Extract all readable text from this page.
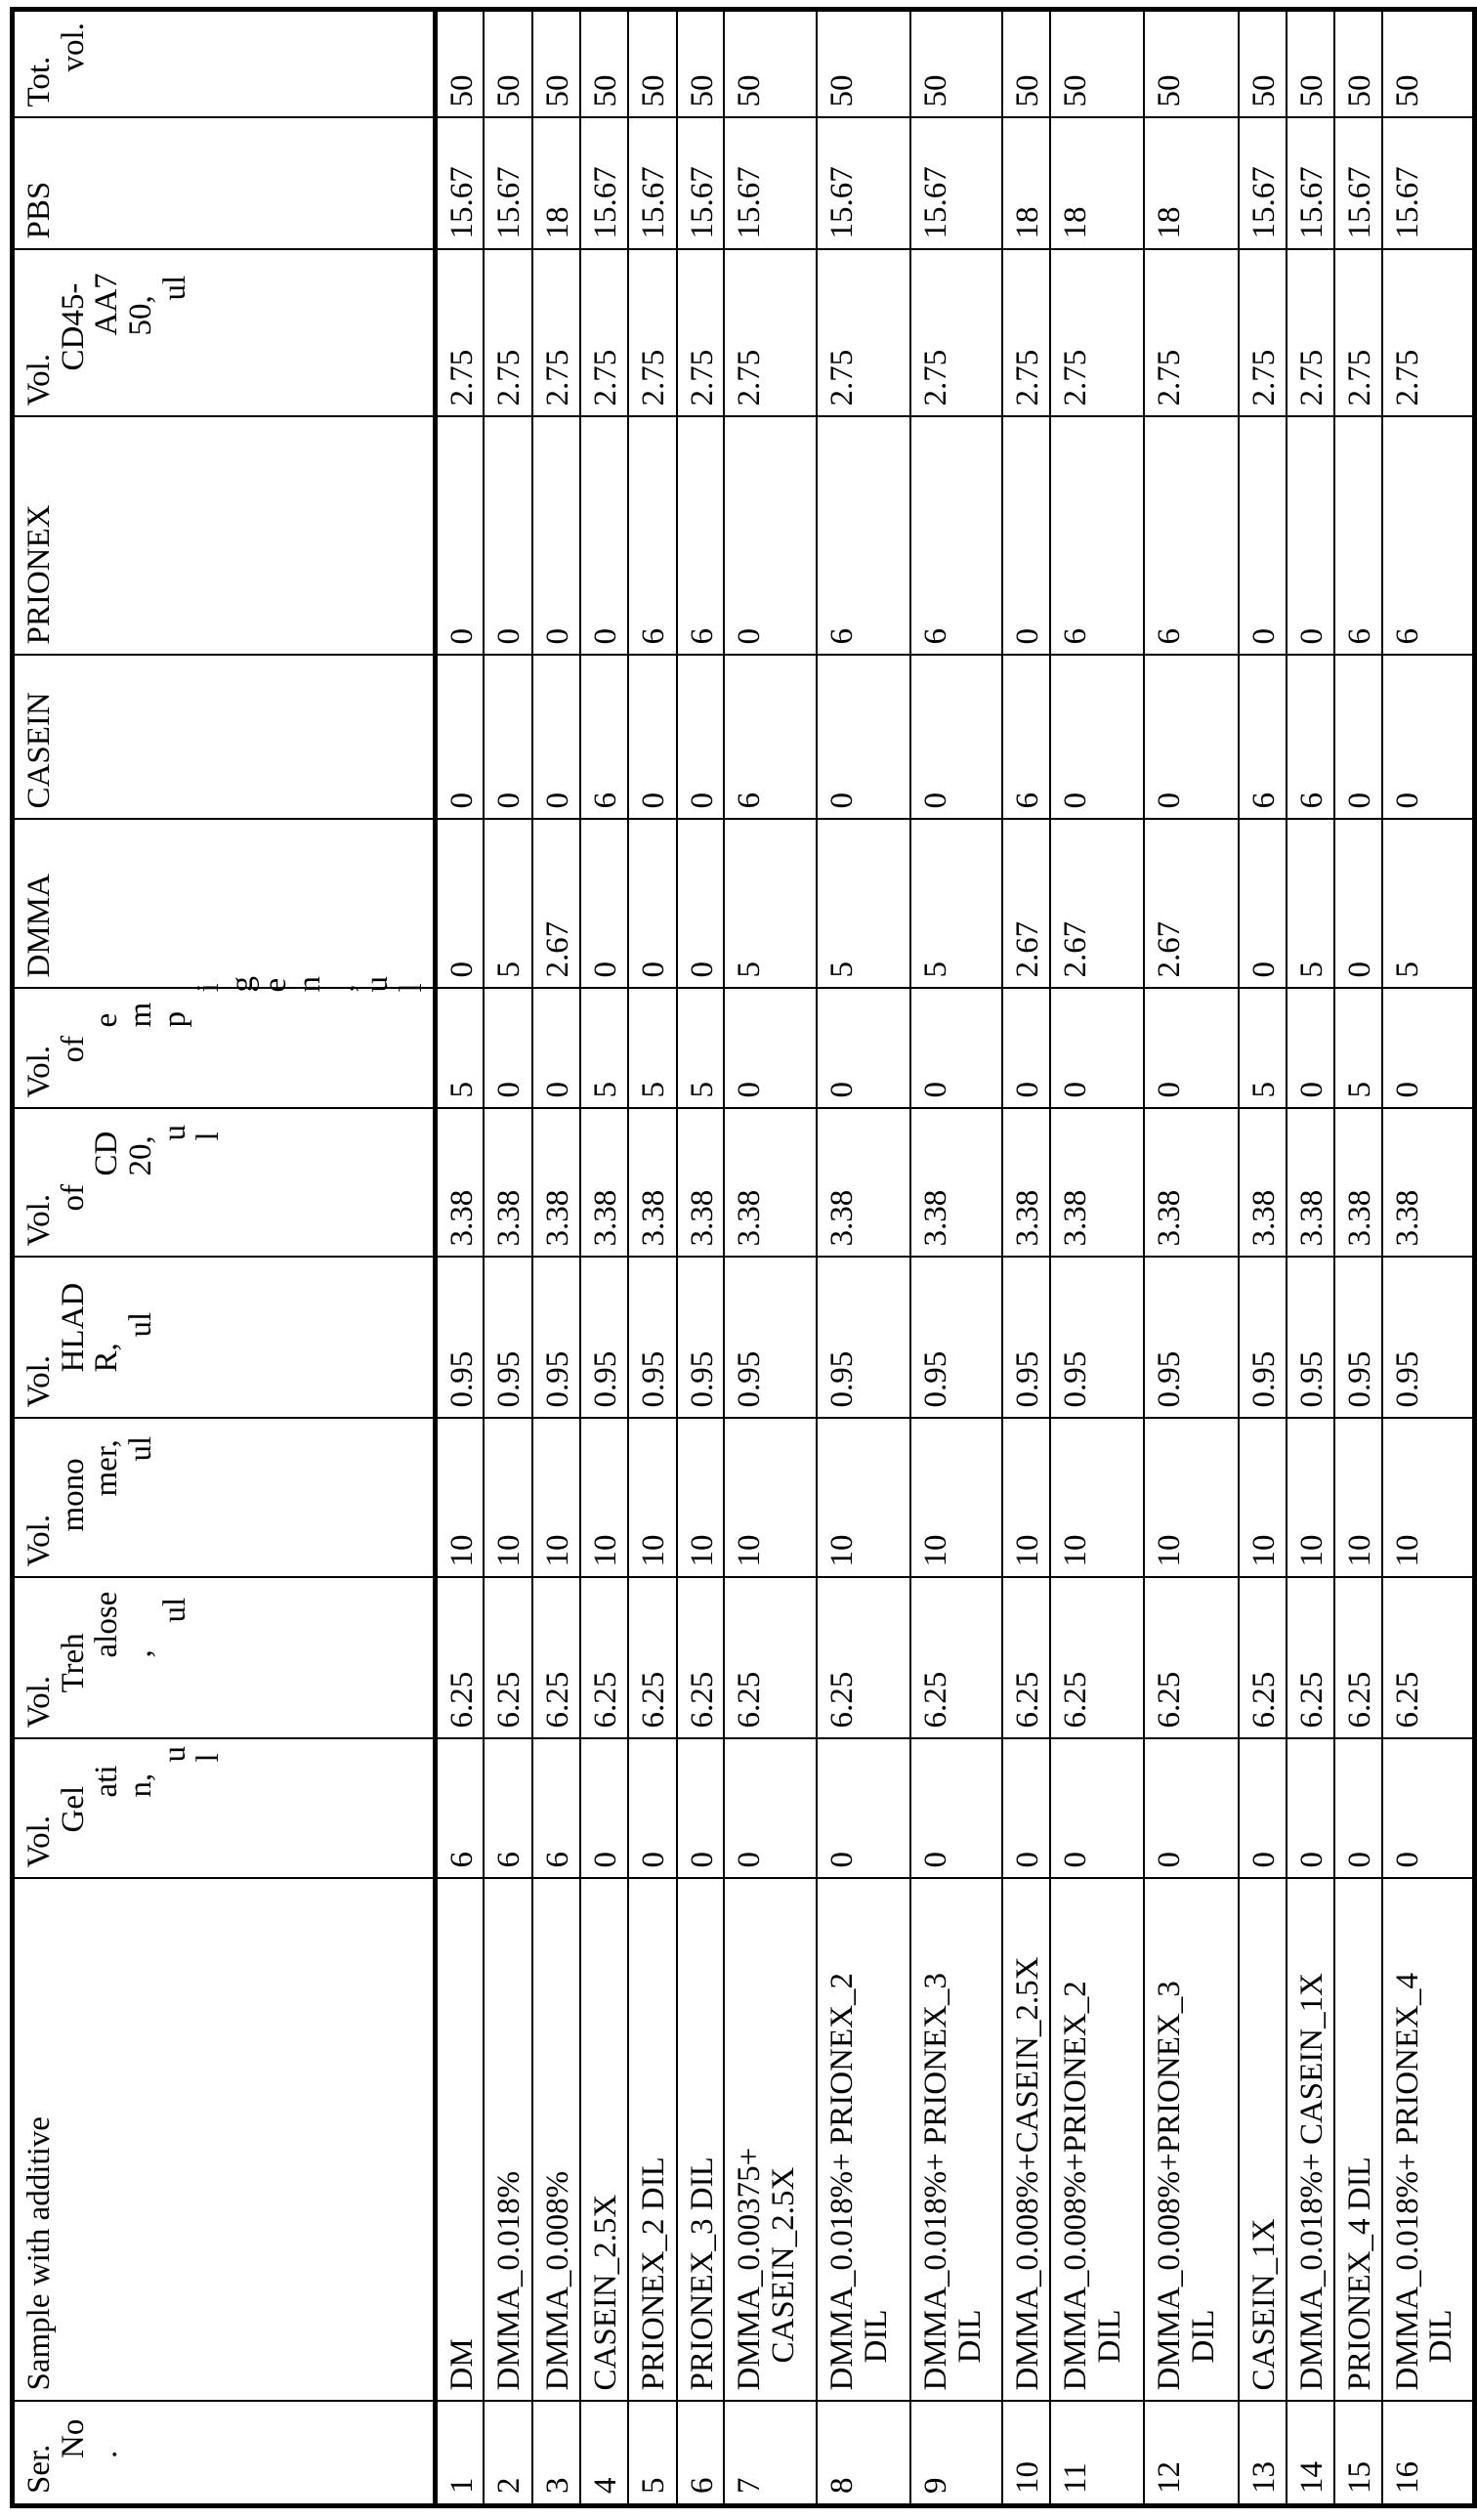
Ser.
No.	Sample with additive	Vol.
Gel
atin,
ul	Vol.
Treh
alose,
ul	Vol.
mono
mer,
ul	Vol.
HLADR,
ul	Vol.
of
CD20,
ul	Vol.
of
emp
igen,
ul	DMMA	CASEIN	PRIONEX	Vol.
CD45-
AA750,
ul	PBS	Tot.
vol.

1	DM	6	6.25	10	0.95	3.38	5	0	0	0	2.75	15.67	50
2	DMMA_0.018%	6	6.25	10	0.95	3.38	0	5	0	0	2.75	15.67	50
3	DMMA_0.008%	6	6.25	10	0.95	3.38	0	2.67	0	0	2.75	18	50
4	CASEIN_2.5X	0	6.25	10	0.95	3.38	5	0	6	0	2.75	15.67	50
5	PRIONEX_2 DIL	0	6.25	10	0.95	3.38	5	0	0	6	2.75	15.67	50
6	PRIONEX_3 DIL	0	6.25	10	0.95	3.38	5	0	0	6	2.75	15.67	50
7	DMMA_0.00375+
CASEIN_2.5X	0	6.25	10	0.95	3.38	0	5	6	0	2.75	15.67	50
8	DMMA_0.018%+ PRIONEX_2
DIL	0	6.25	10	0.95	3.38	0	5	0	6	2.75	15.67	50
9	DMMA_0.018%+ PRIONEX_3
DIL	0	6.25	10	0.95	3.38	0	5	0	6	2.75	15.67	50
10	DMMA_0.008%+CASEIN_2.5X	0	6.25	10	0.95	3.38	0	2.67	6	0	2.75	18	50
11	DMMA_0.008%+PRIONEX_2
DIL	0	6.25	10	0.95	3.38	0	2.67	0	6	2.75	18	50
12	DMMA_0.008%+PRIONEX_3
DIL	0	6.25	10	0.95	3.38	0	2.67	0	6	2.75	18	50
13	CASEIN_1X	0	6.25	10	0.95	3.38	5	0	6	0	2.75	15.67	50
14	DMMA_0.018%+ CASEIN_1X	0	6.25	10	0.95	3.38	0	5	6	0	2.75	15.67	50
15	PRIONEX_4 DIL	0	6.25	10	0.95	3.38	5	0	0	6	2.75	15.67	50
16	DMMA_0.018%+ PRIONEX_4
DIL	0	6.25	10	0.95	3.38	0	5	0	6	2.75	15.67	50
